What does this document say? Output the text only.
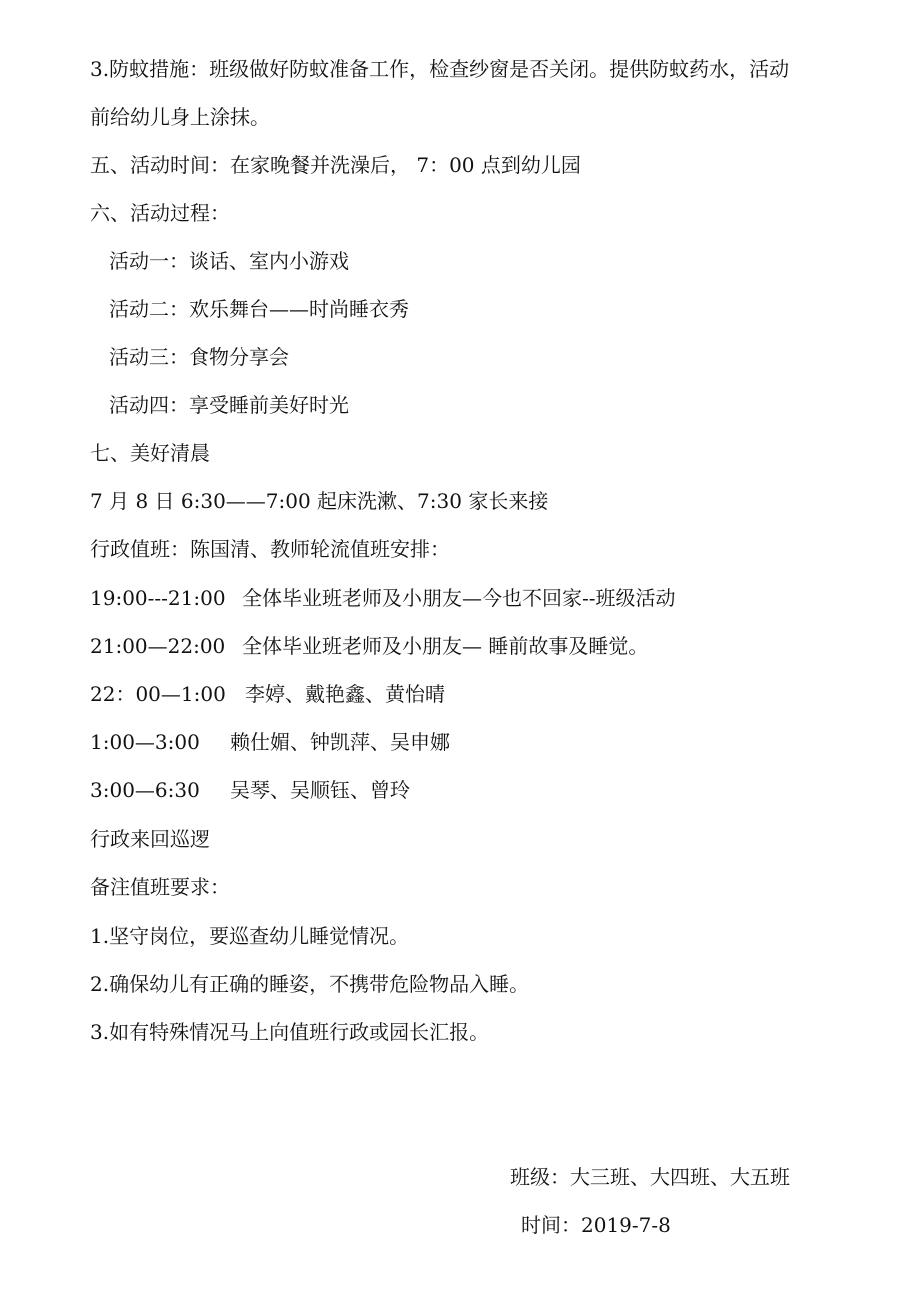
3.防蚊措施：班级做好防蚊准备工作，检查纱窗是否关闭。提供防蚊药水，活动
前给幼儿身上涂抹。
五、活动时间：在家晚餐并洗澡后， 7：00 点到幼儿园
六、活动过程：
活动一：谈话、室内小游戏
活动二：欢乐舞台——时尚睡衣秀
活动三：食物分享会
活动四：享受睡前美好时光
七、美好清晨
7 月 8 日 6:30——7:00 起床洗漱、7:30 家长来接
行政值班：陈国清、教师轮流值班安排：
19:00---21:00 全体毕业班老师及小朋友—今也不回家--班级活动
21:00—22:00 全体毕业班老师及小朋友— 睡前故事及睡觉。
22：00—1:00 李婷、戴艳鑫、黄怡晴
1:00—3:00 赖仕媚、钟凯萍、吴申娜
3:00—6:30 吴琴、吴顺钰、曾玲
行政来回巡逻
备注值班要求：
1.坚守岗位，要巡查幼儿睡觉情况。
2.确保幼儿有正确的睡姿，不携带危险物品入睡。
3.如有特殊情况马上向值班行政或园长汇报。
班级：大三班、大四班、大五班
时间：2019-7-8
